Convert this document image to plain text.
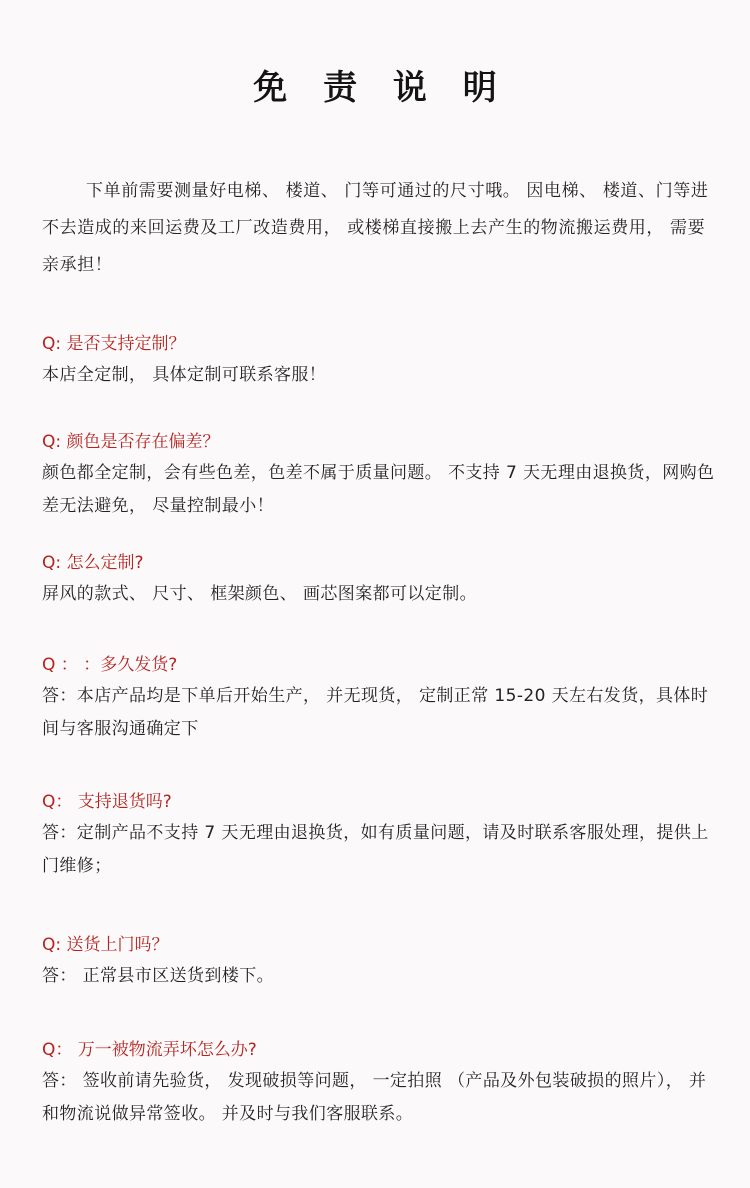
免 责 说 明
下单前需要测量好电梯、 楼道、 门等可通过的尺寸哦。 因电梯、 楼道、门等进不去造成的来回运费及工厂改造费用， 或楼梯直接搬上去产生的物流搬运费用， 需要亲承担！
Q: 是否支持定制？
本店全定制， 具体定制可联系客服！
Q: 颜色是否存在偏差？
颜色都全定制，会有些色差，色差不属于质量问题。 不支持 7 天无理由退换货，网购色差无法避免， 尽量控制最小！
Q: 怎么定制?
屏风的款式、 尺寸、 框架颜色、 画芯图案都可以定制。
Q ： ：多久发货?
答：本店产品均是下单后开始生产， 并无现货， 定制正常 15-20 天左右发货，具体时间与客服沟通确定下
Q： 支持退货吗?
答：定制产品不支持 7 天无理由退换货，如有质量问题，请及时联系客服处理，提供上门维修；
Q: 送货上门吗？
答： 正常县市区送货到楼下。
Q： 万一被物流弄坏怎么办?
答： 签收前请先验货， 发现破损等问题， 一定拍照 （产品及外包装破损的照片）， 并和物流说做异常签收。 并及时与我们客服联系。
